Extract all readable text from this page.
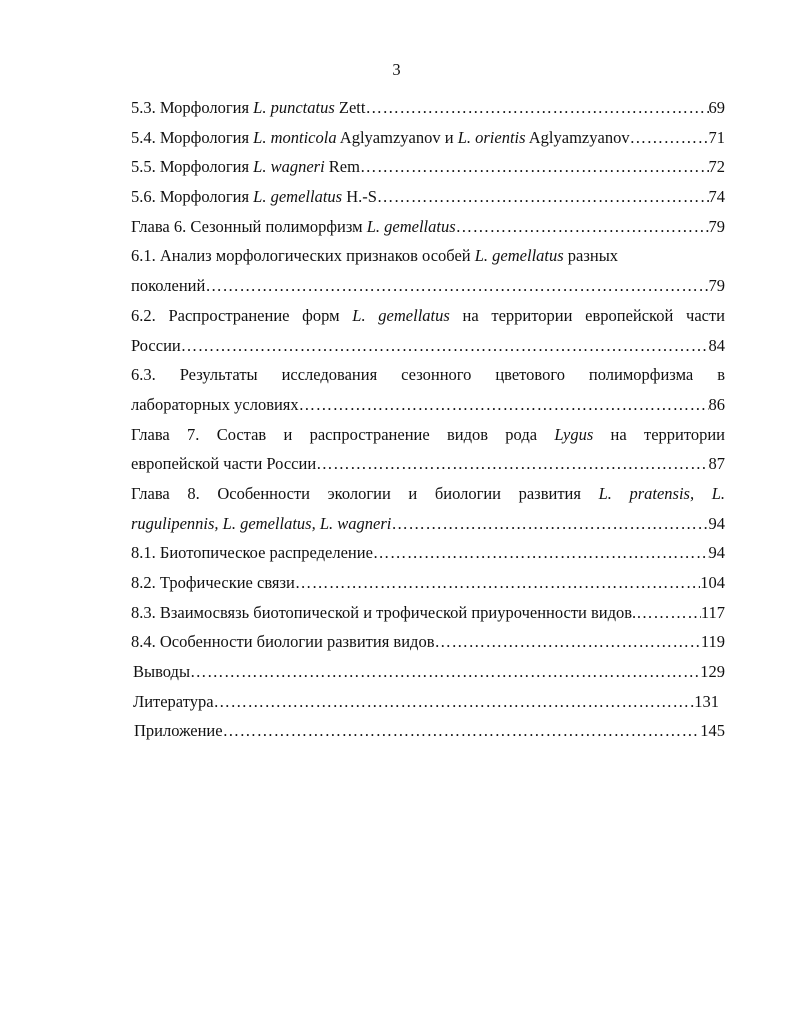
3
5.3. Морфология L. punctatus Zett ………………………………………………………………………………………………………………………………………………	69
5.4. Морфология L. monticola Aglyamzyanov и L. orientis Aglyamzyanov ………………………………………………………………………………………………………………………………………………	71
5.5. Морфология L. wagneri Rem ………………………………………………………………………………………………………………………………………………	72
5.6. Морфология L. gemellatus H.-S ………………………………………………………………………………………………………………………………………………	74
Глава 6. Сезонный полиморфизм L. gemellatus ………………………………………………………………………………………………………………………………………………	79
6.1. Анализ морфологических признаков особей L. gemellatus разных
поколений ………………………………………………………………………………………………………………………………………………	79
6.2. Распространение форм L. gemellatus на территории европейской части
России ………………………………………………………………………………………………………………………………………………	84
6.3. Результаты исследования сезонного цветового полиморфизма в
лабораторных условиях ………………………………………………………………………………………………………………………………………………	86
Глава 7. Состав и распространение видов рода Lygus на территории
европейской части России ………………………………………………………………………………………………………………………………………………	87
Глава 8. Особенности экологии и биологии развития L. pratensis, L.
rugulipennis, L. gemellatus, L. wagneri ………………………………………………………………………………………………………………………………………………	94
8.1. Биотопическое распределение ………………………………………………………………………………………………………………………………………………	94
8.2. Трофические связи ………………………………………………………………………………………………………………………………………………	104
8.3. Взаимосвязь биотопической и трофической приуроченности видов. ………………………………………………………………………………………………………………………………………………	117
8.4. Особенности биологии развития видов ………………………………………………………………………………………………………………………………………………	119
Выводы ………………………………………………………………………………………………………………………………………………	129
Литература ………………………………………………………………………………………………………………………………………………	131
Приложение ………………………………………………………………………………………………………………………………………………	145
